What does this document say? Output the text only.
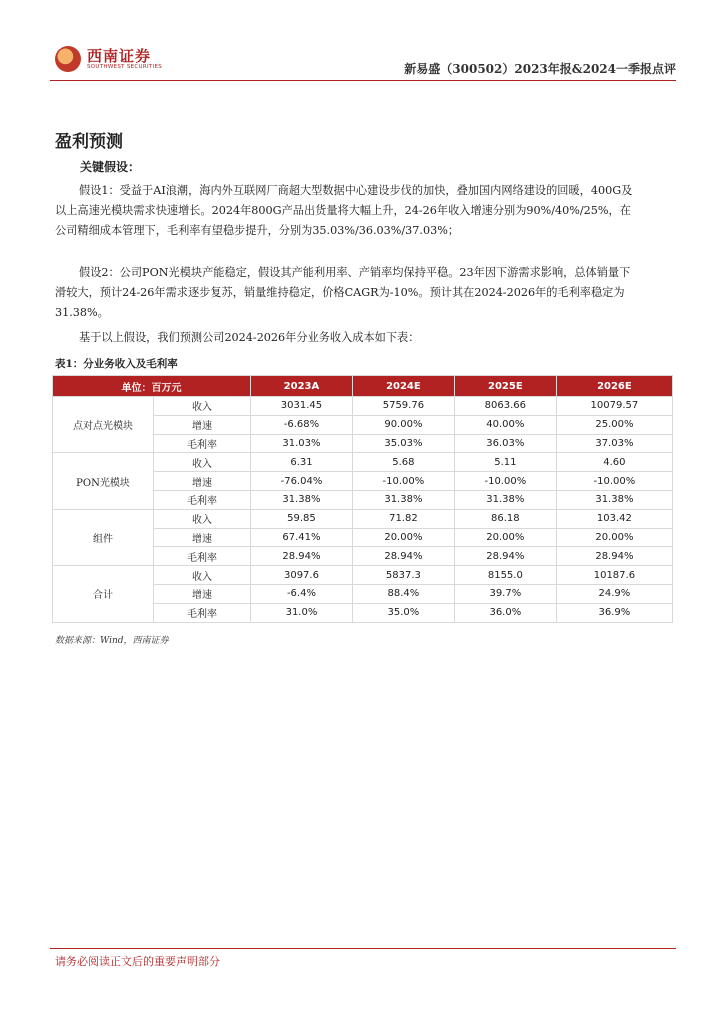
西南证券
SOUTHWEST SECURITIES	新易盛（300502）2023年报&2024一季报点评
盈利预测
关键假设：
假设1：受益于AI浪潮，海内外互联网厂商超大型数据中心建设步伐的加快，叠加国内网络建设的回暖，400G及以上高速光模块需求快速增长。2024年800G产品出货量将大幅上升，24-26年收入增速分别为90%/40%/25%，在公司精细成本管理下，毛利率有望稳步提升，分别为35.03%/36.03%/37.03%；
假设2：公司PON光模块产能稳定，假设其产能利用率、产销率均保持平稳。23年因下游需求影响，总体销量下滑较大，预计24-26年需求逐步复苏，销量维持稳定，价格CAGR为-10%。预计其在2024-2026年的毛利率稳定为31.38%。
基于以上假设，我们预测公司2024-2026年分业务收入成本如下表：
表1：分业务收入及毛利率
单位：百万元		2023A	2024E	2025E	2026E
点对点光模块	收入	3031.45	5759.76	8063.66	10079.57
	增速	-6.68%	90.00%	40.00%	25.00%
	毛利率	31.03%	35.03%	36.03%	37.03%
PON光模块	收入	6.31	5.68	5.11	4.60
	增速	-76.04%	-10.00%	-10.00%	-10.00%
	毛利率	31.38%	31.38%	31.38%	31.38%
组件	收入	59.85	71.82	86.18	103.42
	增速	67.41%	20.00%	20.00%	20.00%
	毛利率	28.94%	28.94%	28.94%	28.94%
合计	收入	3097.6	5837.3	8155.0	10187.6
	增速	-6.4%	88.4%	39.7%	24.9%
	毛利率	31.0%	35.0%	36.0%	36.9%
数据来源：Wind，西南证券
请务必阅读正文后的重要声明部分
